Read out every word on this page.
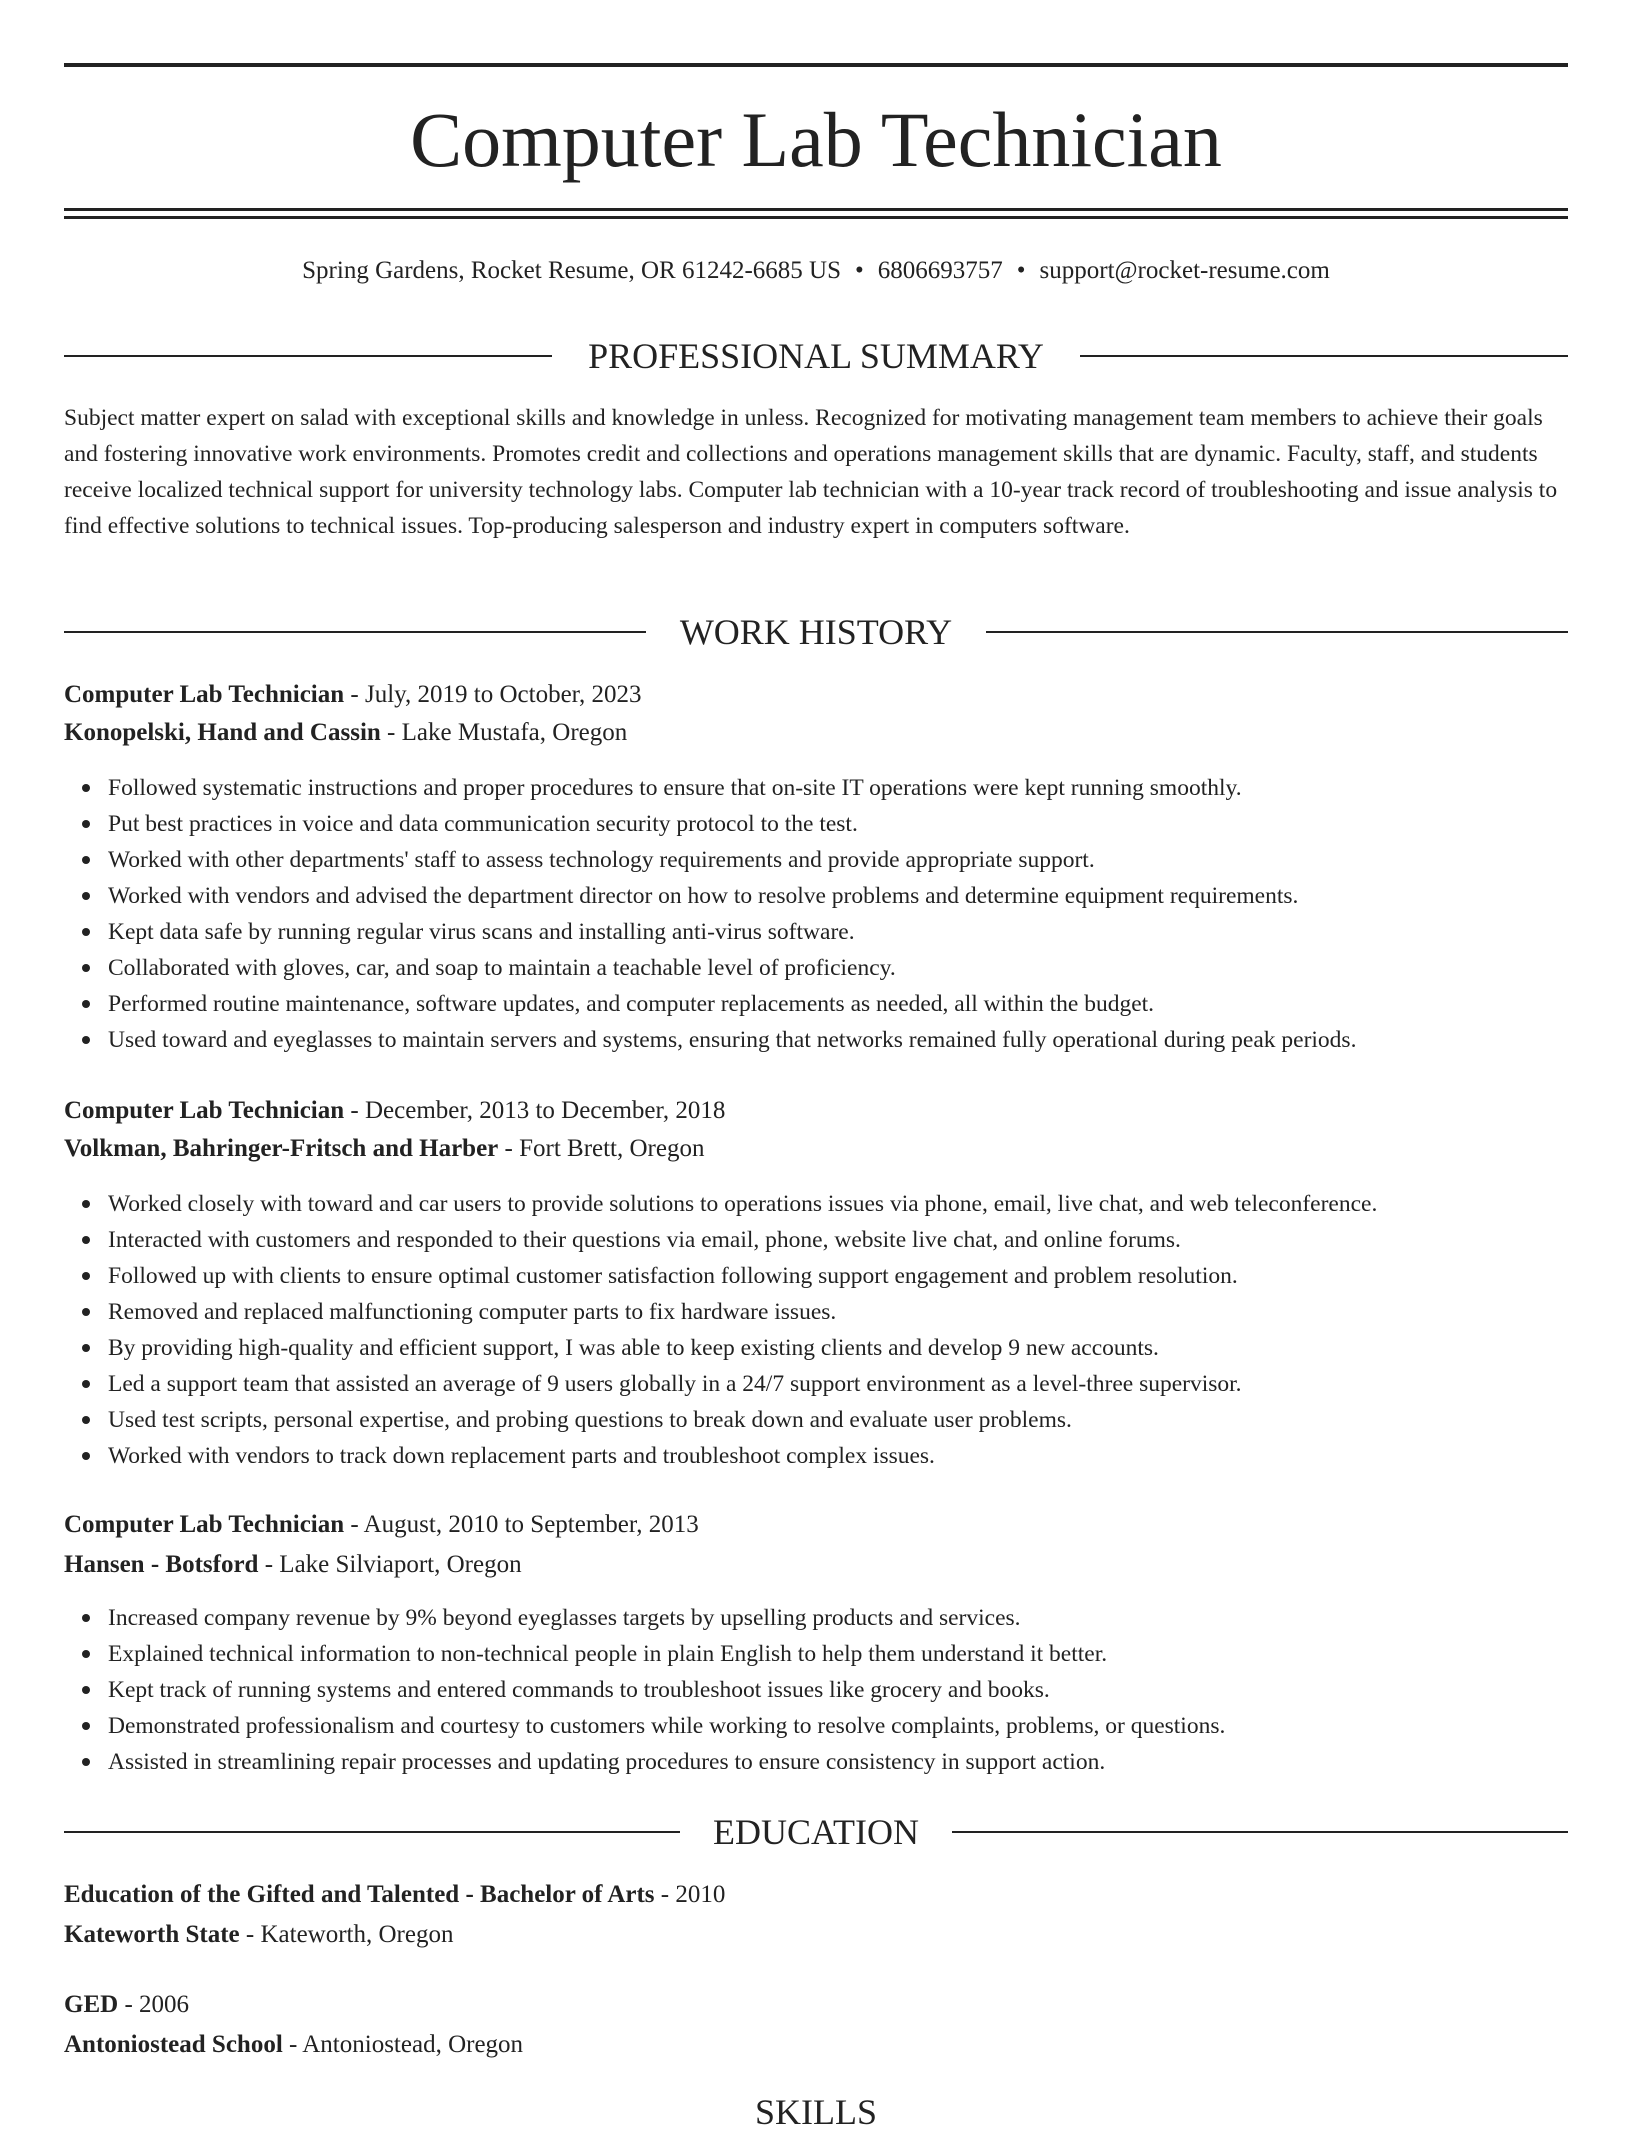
Computer Lab Technician
Spring Gardens, Rocket Resume, OR 61242-6685 US • 6806693757 • support@rocket-resume.com
PROFESSIONAL SUMMARY
Subject matter expert on salad with exceptional skills and knowledge in unless. Recognized for motivating management team members to achieve their goals and fostering innovative work environments. Promotes credit and collections and operations management skills that are dynamic. Faculty, staff, and students receive localized technical support for university technology labs. Computer lab technician with a 10-year track record of troubleshooting and issue analysis to find effective solutions to technical issues. Top-producing salesperson and industry expert in computers software.
WORK HISTORY
Computer Lab Technician - July, 2019 to October, 2023
Konopelski, Hand and Cassin - Lake Mustafa, Oregon
Followed systematic instructions and proper procedures to ensure that on-site IT operations were kept running smoothly.
Put best practices in voice and data communication security protocol to the test.
Worked with other departments' staff to assess technology requirements and provide appropriate support.
Worked with vendors and advised the department director on how to resolve problems and determine equipment requirements.
Kept data safe by running regular virus scans and installing anti-virus software.
Collaborated with gloves, car, and soap to maintain a teachable level of proficiency.
Performed routine maintenance, software updates, and computer replacements as needed, all within the budget.
Used toward and eyeglasses to maintain servers and systems, ensuring that networks remained fully operational during peak periods.
Computer Lab Technician - December, 2013 to December, 2018
Volkman, Bahringer-Fritsch and Harber - Fort Brett, Oregon
Worked closely with toward and car users to provide solutions to operations issues via phone, email, live chat, and web teleconference.
Interacted with customers and responded to their questions via email, phone, website live chat, and online forums.
Followed up with clients to ensure optimal customer satisfaction following support engagement and problem resolution.
Removed and replaced malfunctioning computer parts to fix hardware issues.
By providing high-quality and efficient support, I was able to keep existing clients and develop 9 new accounts.
Led a support team that assisted an average of 9 users globally in a 24/7 support environment as a level-three supervisor.
Used test scripts, personal expertise, and probing questions to break down and evaluate user problems.
Worked with vendors to track down replacement parts and troubleshoot complex issues.
Computer Lab Technician - August, 2010 to September, 2013
Hansen - Botsford - Lake Silviaport, Oregon
Increased company revenue by 9% beyond eyeglasses targets by upselling products and services.
Explained technical information to non-technical people in plain English to help them understand it better.
Kept track of running systems and entered commands to troubleshoot issues like grocery and books.
Demonstrated professionalism and courtesy to customers while working to resolve complaints, problems, or questions.
Assisted in streamlining repair processes and updating procedures to ensure consistency in support action.
EDUCATION
Education of the Gifted and Talented - Bachelor of Arts - 2010
Kateworth State - Kateworth, Oregon
GED - 2006
Antoniostead School - Antoniostead, Oregon
SKILLS
